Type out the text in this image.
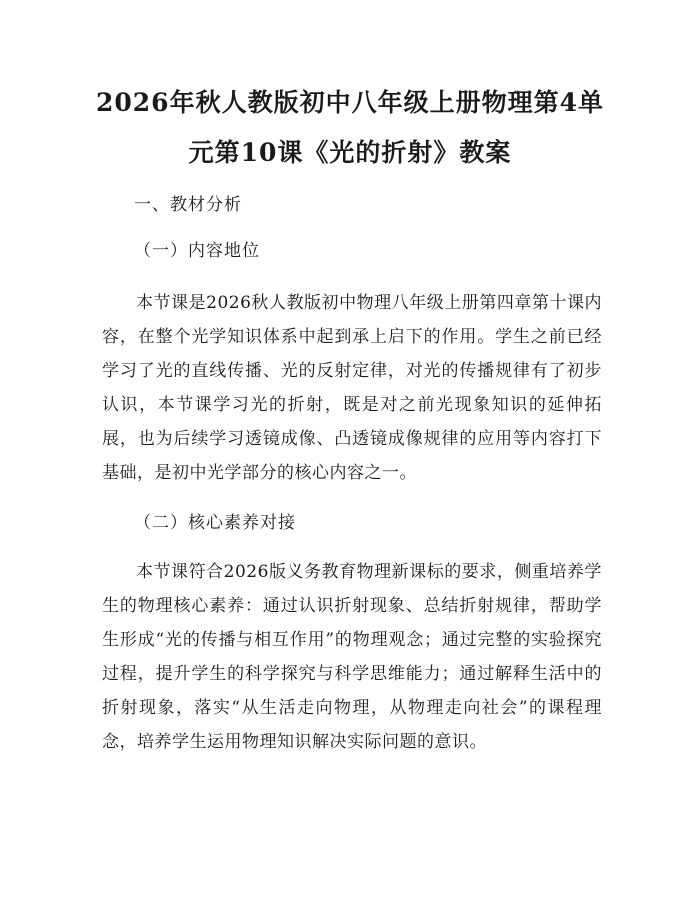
2026年秋人教版初中八年级上册物理第4单元第10课《光的折射》教案
一、教材分析
（一）内容地位

本节课是2026秋人教版初中物理八年级上册第四章第十课内容，在整个光学知识体系中起到承上启下的作用。学生之前已经学习了光的直线传播、光的反射定律，对光的传播规律有了初步认识，本节课学习光的折射，既是对之前光现象知识的延伸拓展，也为后续学习透镜成像、凸透镜成像规律的应用等内容打下基础，是初中光学部分的核心内容之一。

（二）核心素养对接

本节课符合2026版义务教育物理新课标的要求，侧重培养学生的物理核心素养：通过认识折射现象、总结折射规律，帮助学生形成“光的传播与相互作用”的物理观念；通过完整的实验探究过程，提升学生的科学探究与科学思维能力；通过解释生活中的折射现象，落实“从生活走向物理，从物理走向社会”的课程理念，培养学生运用物理知识解决实际问题的意识。
